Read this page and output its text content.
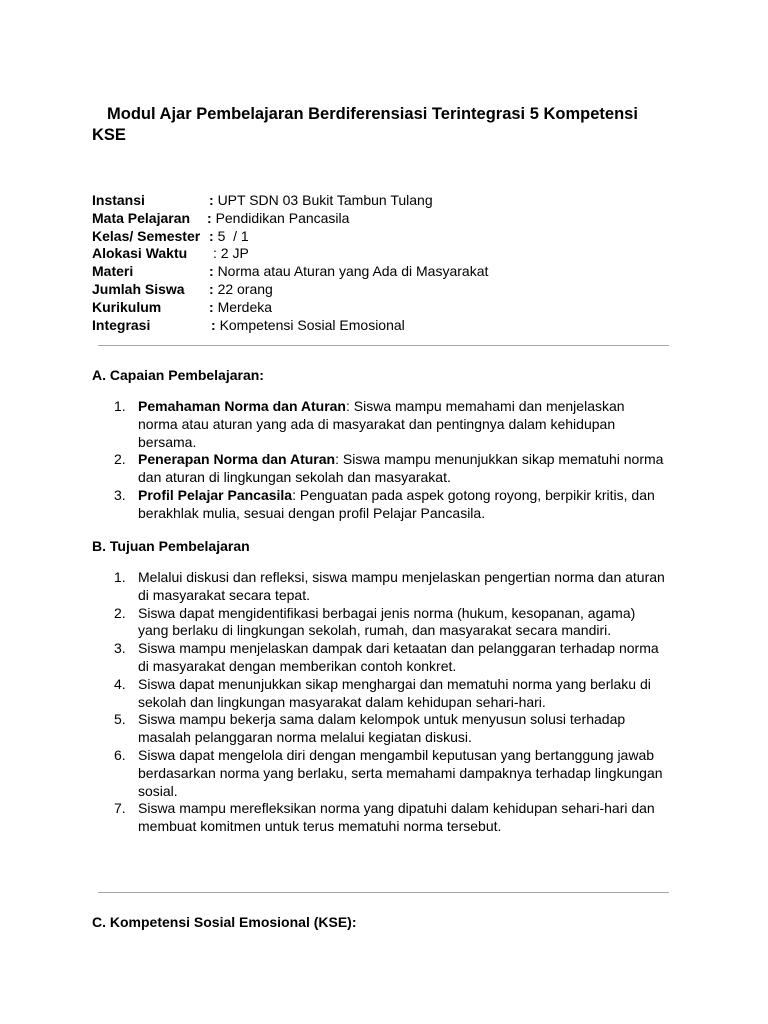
Modul Ajar Pembelajaran Berdiferensiasi Terintegrasi 5 Kompetensi
KSE
Instansi	: UPT SDN 03 Bukit Tambun Tulang
Mata Pelajaran : Pendidikan Pancasila
Kelas/ Semester : 5  / 1
Alokasi Waktu : 2 JP
Materi	: Norma atau Aturan yang Ada di Masyarakat
Jumlah Siswa : 22 orang
Kurikulum	: Merdeka
Integrasi	: Kompetensi Sosial Emosional
A. Capaian Pembelajaran:
1. Pemahaman Norma dan Aturan: Siswa mampu memahami dan menjelaskan
norma atau aturan yang ada di masyarakat dan pentingnya dalam kehidupan
bersama.
2. Penerapan Norma dan Aturan: Siswa mampu menunjukkan sikap mematuhi norma
dan aturan di lingkungan sekolah dan masyarakat.
3. Profil Pelajar Pancasila: Penguatan pada aspek gotong royong, berpikir kritis, dan
berakhlak mulia, sesuai dengan profil Pelajar Pancasila.
B. Tujuan Pembelajaran
1. Melalui diskusi dan refleksi, siswa mampu menjelaskan pengertian norma dan aturan
di masyarakat secara tepat.
2. Siswa dapat mengidentifikasi berbagai jenis norma (hukum, kesopanan, agama)
yang berlaku di lingkungan sekolah, rumah, dan masyarakat secara mandiri.
3. Siswa mampu menjelaskan dampak dari ketaatan dan pelanggaran terhadap norma
di masyarakat dengan memberikan contoh konkret.
4. Siswa dapat menunjukkan sikap menghargai dan mematuhi norma yang berlaku di
sekolah dan lingkungan masyarakat dalam kehidupan sehari-hari.
5. Siswa mampu bekerja sama dalam kelompok untuk menyusun solusi terhadap
masalah pelanggaran norma melalui kegiatan diskusi.
6. Siswa dapat mengelola diri dengan mengambil keputusan yang bertanggung jawab
berdasarkan norma yang berlaku, serta memahami dampaknya terhadap lingkungan
sosial.
7. Siswa mampu merefleksikan norma yang dipatuhi dalam kehidupan sehari-hari dan
membuat komitmen untuk terus mematuhi norma tersebut.
C. Kompetensi Sosial Emosional (KSE):
